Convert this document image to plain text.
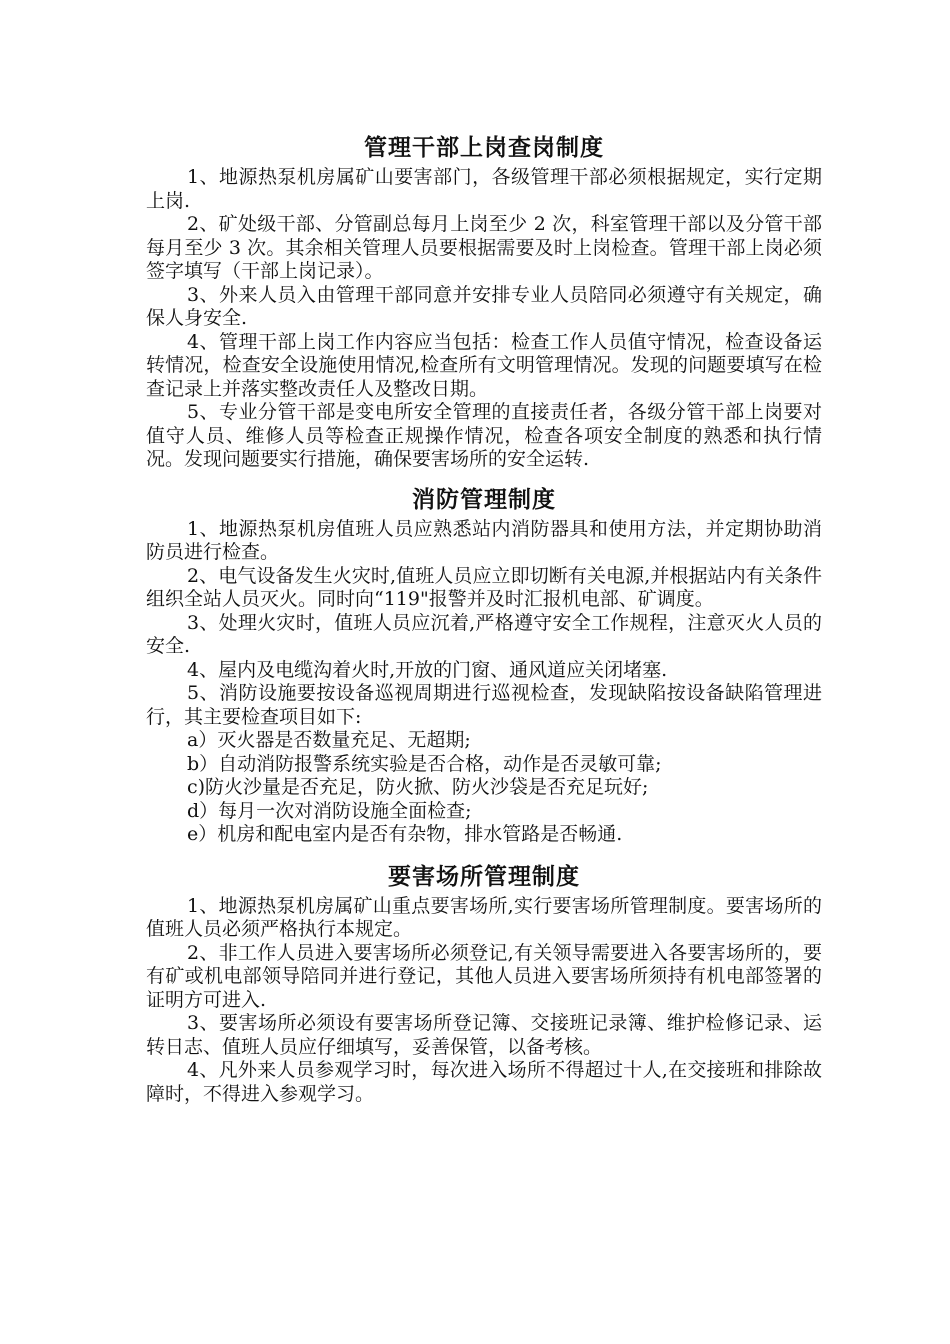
管理干部上岗查岗制度

1、地源热泵机房属矿山要害部门，各级管理干部必须根据规定，实行定期上岗.

2、矿处级干部、分管副总每月上岗至少 2 次，科室管理干部以及分管干部每月至少 3 次。其余相关管理人员要根据需要及时上岗检查。管理干部上岗必须签字填写（干部上岗记录）。

3、外来人员入由管理干部同意并安排专业人员陪同必须遵守有关规定，确保人身安全.

4、管理干部上岗工作内容应当包括：检查工作人员值守情况，检查设备运转情况，检查安全设施使用情况,检查所有文明管理情况。发现的问题要填写在检查记录上并落实整改责任人及整改日期。

5、专业分管干部是变电所安全管理的直接责任者，各级分管干部上岗要对值守人员、维修人员等检查正规操作情况，检查各项安全制度的熟悉和执行情况。发现问题要实行措施，确保要害场所的安全运转.

消防管理制度

1、地源热泵机房值班人员应熟悉站内消防器具和使用方法，并定期协助消防员进行检查。

2、电气设备发生火灾时,值班人员应立即切断有关电源,并根据站内有关条件组织全站人员灭火。同时向“119"报警并及时汇报机电部、矿调度。

3、处理火灾时，值班人员应沉着,严格遵守安全工作规程，注意灭火人员的安全.

4、屋内及电缆沟着火时,开放的门窗、通风道应关闭堵塞.

5、消防设施要按设备巡视周期进行巡视检查，发现缺陷按设备缺陷管理进行，其主要检查项目如下:

a）灭火器是否数量充足、无超期;

b）自动消防报警系统实验是否合格，动作是否灵敏可靠;

c)防火沙量是否充足，防火掀、防火沙袋是否充足玩好;

d）每月一次对消防设施全面检查;

e）机房和配电室内是否有杂物，排水管路是否畅通.

要害场所管理制度

1、地源热泵机房属矿山重点要害场所,实行要害场所管理制度。要害场所的值班人员必须严格执行本规定。

2、非工作人员进入要害场所必须登记,有关领导需要进入各要害场所的，要有矿或机电部领导陪同并进行登记，其他人员进入要害场所须持有机电部签署的证明方可进入.

3、要害场所必须设有要害场所登记簿、交接班记录簿、维护检修记录、运转日志、值班人员应仔细填写，妥善保管，以备考核。

4、凡外来人员参观学习时，每次进入场所不得超过十人,在交接班和排除故障时，不得进入参观学习。
